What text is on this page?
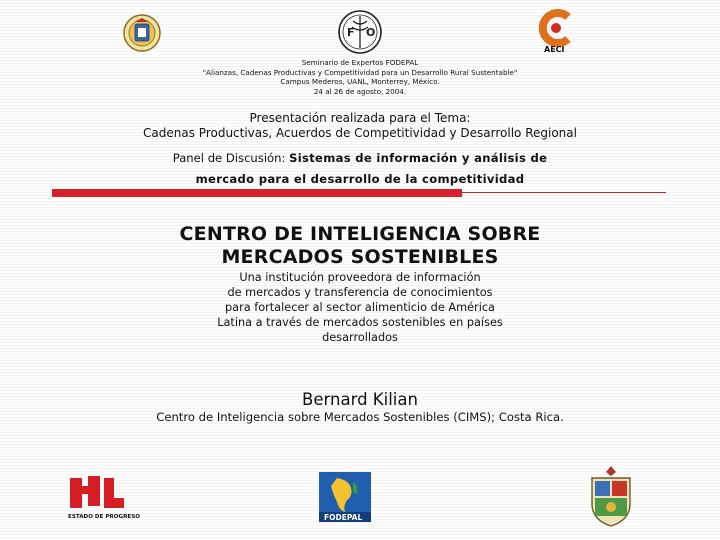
F O
AECI
Seminario de Expertos FODEPAL
"Alianzas, Cadenas Productivas y Competitividad para un Desarrollo Rural Sustentable"
Campus Mederos, UANL, Monterrey, México.
24 al 26 de agosto, 2004.
Presentación realizada para el Tema:
Cadenas Productivas, Acuerdos de Competitividad y Desarrollo Regional
Panel de Discusión: Sistemas de información y análisis de
mercado para el desarrollo de la competitividad
CENTRO DE INTELIGENCIA SOBRE
MERCADOS SOSTENIBLES
Una institución proveedora de información
de mercados y transferencia de conocimientos
para fortalecer al sector alimenticio de América
Latina a través de mercados sostenibles en países
desarrollados
Bernard Kilian
Centro de Inteligencia sobre Mercados Sostenibles (CIMS); Costa Rica.
ESTADO DE PROGRESO	FODEPAL
